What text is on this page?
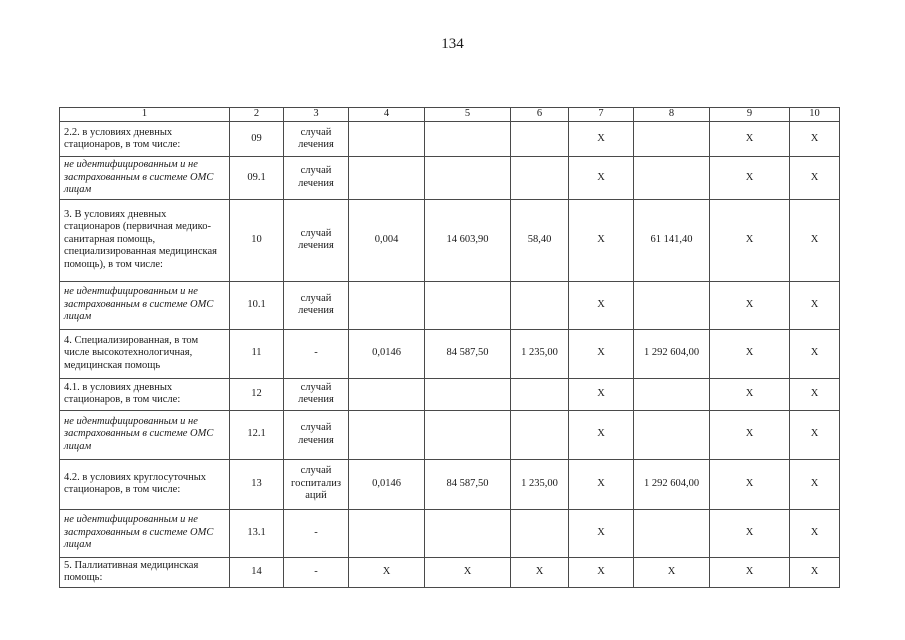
134
1	2	3	4	5	6	7	8	9	10
2.2. в условиях дневных стационаров, в том числе:	09	случай лечения				Х		Х	Х
не идентифицированным и не застрахованным в системе ОМС лицам	09.1	случай лечения				Х		Х	Х
3. В условиях дневных стационаров (первичная медико-санитарная помощь, специализированная медицинская помощь), в том числе:	10	случай лечения	0,004	14 603,90	58,40	Х	61 141,40	Х	Х
не идентифицированным и не застрахованным в системе ОМС лицам	10.1	случай лечения				Х		Х	Х
4. Специализированная, в том числе высокотехнологичная, медицинская помощь	11	-	0,0146	84 587,50	1 235,00	Х	1 292 604,00	Х	Х
4.1. в условиях дневных стационаров, в том числе:	12	случай лечения				Х		Х	Х
не идентифицированным и не застрахованным в системе ОМС лицам	12.1	случай лечения				Х		Х	Х
4.2. в условиях круглосуточных стационаров, в том числе:	13	случай госпитализ аций	0,0146	84 587,50	1 235,00	Х	1 292 604,00	Х	Х
не идентифицированным и не застрахованным в системе ОМС лицам	13.1	-				Х		Х	Х
5. Паллиативная медицинская помощь:	14	-	Х	Х	Х	Х	Х	Х	Х
